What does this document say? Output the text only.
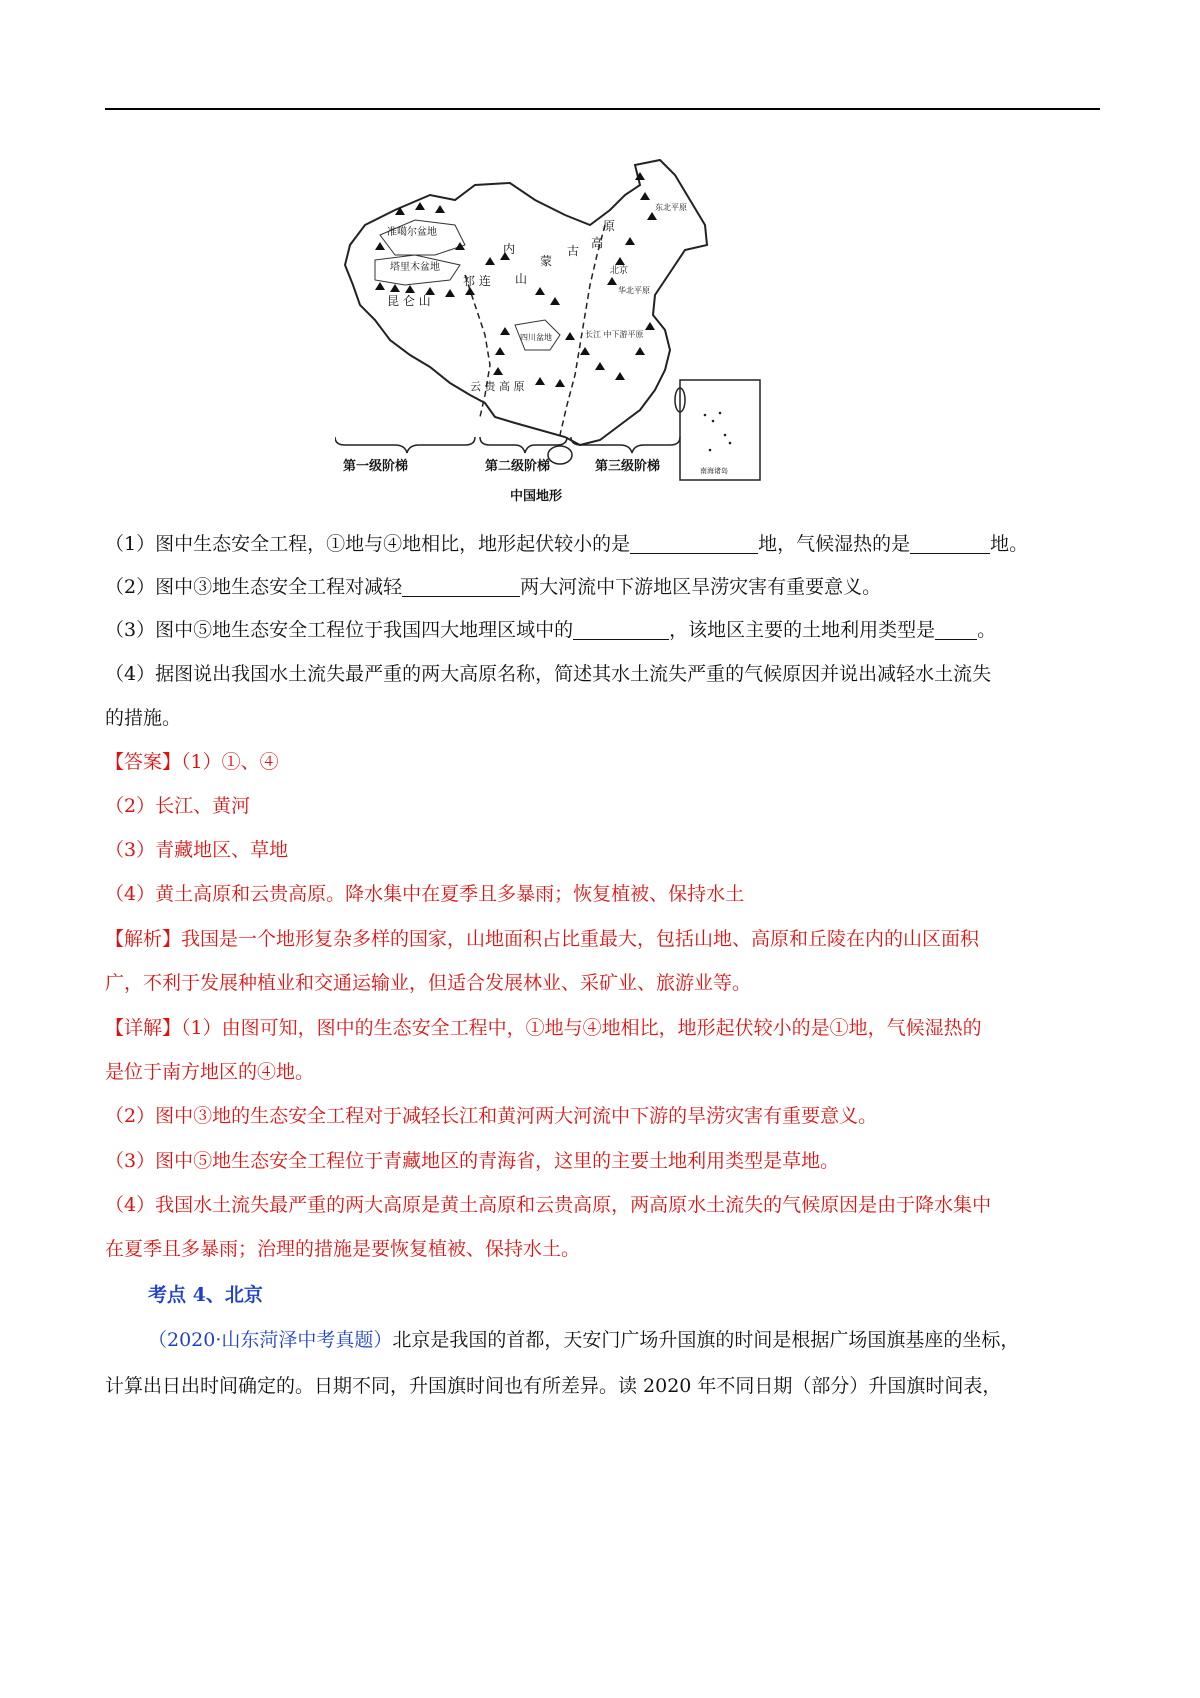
准噶尔盆地
塔里木盆地
昆 仑 山
祁 连
内
山
蒙
古
高
原
北京
东北平原
华北平原
四川盆地	长江 中下游平原
云 贵 高 原
南海诸岛
第一级阶梯	第二级阶梯	第三级阶梯
中国地形
（1）图中生态安全工程，①地与④地相比，地形起伏较小的是	地，气候湿热的是	地。
（2）图中③地生态安全工程对减轻	两大河流中下游地区旱涝灾害有重要意义。
（3）图中⑤地生态安全工程位于我国四大地理区域中的	，该地区主要的土地利用类型是 。
（4）据图说出我国水土流失最严重的两大高原名称，简述其水土流失严重的气候原因并说出减轻水土流失
的措施。
【答案】（1）①、④
（2）长江、黄河
（3）青藏地区、草地
（4）黄土高原和云贵高原。降水集中在夏季且多暴雨；恢复植被、保持水土
【解析】我国是一个地形复杂多样的国家，山地面积占比重最大，包括山地、高原和丘陵在内的山区面积
广，不利于发展种植业和交通运输业，但适合发展林业、采矿业、旅游业等。
【详解】（1）由图可知，图中的生态安全工程中，①地与④地相比，地形起伏较小的是①地，气候湿热的
是位于南方地区的④地。
（2）图中③地的生态安全工程对于减轻长江和黄河两大河流中下游的旱涝灾害有重要意义。
（3）图中⑤地生态安全工程位于青藏地区的青海省，这里的主要土地利用类型是草地。
（4）我国水土流失最严重的两大高原是黄土高原和云贵高原，两高原水土流失的气候原因是由于降水集中
在夏季且多暴雨；治理的措施是要恢复植被、保持水土。
考点 4、北京
（2020·山东菏泽中考真题）北京是我国的首都，天安门广场升国旗的时间是根据广场国旗基座的坐标，
计算出日出时间确定的。日期不同，升国旗时间也有所差异。读 2020 年不同日期（部分）升国旗时间表，
